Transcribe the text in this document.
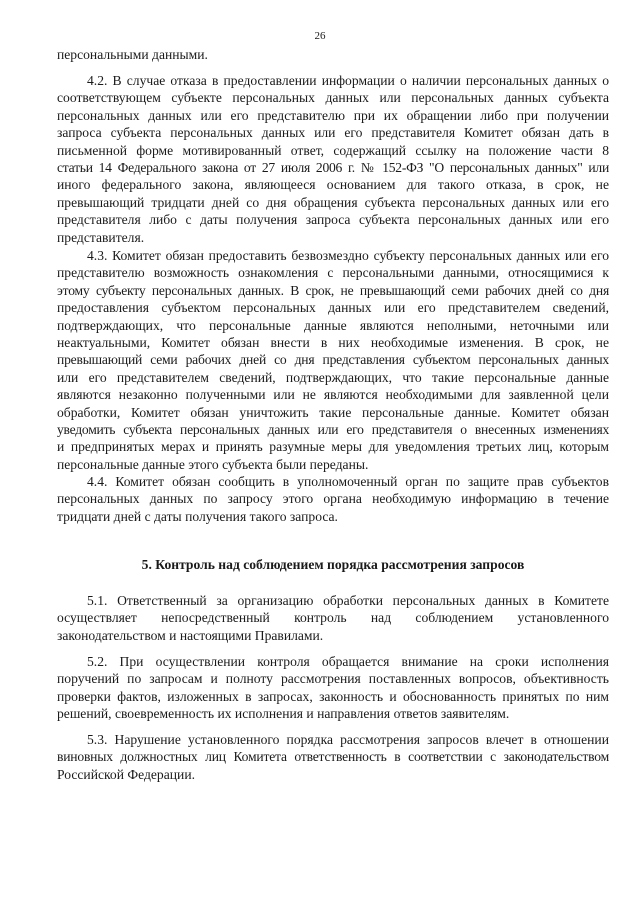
26
персональными данными.
4.2. В случае отказа в предоставлении информации о наличии персональных данных о
соответствующем субъекте персональных данных или персональных данных субъекта
персональных данных или его представителю при их обращении либо при получении
запроса субъекта персональных данных или его представителя Комитет обязан дать в
письменной форме мотивированный ответ, содержащий ссылку на положение части 8
статьи 14 Федерального закона от 27 июля 2006 г. № 152-ФЗ "О персональных данных" или
иного федерального закона, являющееся основанием для такого отказа, в срок, не
превышающий тридцати дней со дня обращения субъекта персональных данных или его
представителя либо с даты получения запроса субъекта персональных данных или его
представителя.
4.3. Комитет обязан предоставить безвозмездно субъекту персональных данных или его
представителю возможность ознакомления с персональными данными, относящимися к
этому субъекту персональных данных. В срок, не превышающий семи рабочих дней со дня
предоставления субъектом персональных данных или его представителем сведений,
подтверждающих, что персональные данные являются неполными, неточными или
неактуальными, Комитет обязан внести в них необходимые изменения. В срок, не
превышающий семи рабочих дней со дня представления субъектом персональных данных
или его представителем сведений, подтверждающих, что такие персональные данные
являются незаконно полученными или не являются необходимыми для заявленной цели
обработки, Комитет обязан уничтожить такие персональные данные. Комитет обязан
уведомить субъекта персональных данных или его представителя о внесенных изменениях
и предпринятых мерах и принять разумные меры для уведомления третьих лиц, которым
персональные данные этого субъекта были переданы.
4.4. Комитет обязан сообщить в уполномоченный орган по защите прав субъектов
персональных данных по запросу этого органа необходимую информацию в течение
тридцати дней с даты получения такого запроса.
5. Контроль над соблюдением порядка рассмотрения запросов
5.1. Ответственный за организацию обработки персональных данных в Комитете
осуществляет непосредственный контроль над соблюдением установленного
законодательством и настоящими Правилами.
5.2. При осуществлении контроля обращается внимание на сроки исполнения
поручений по запросам и полноту рассмотрения поставленных вопросов, объективность
проверки фактов, изложенных в запросах, законность и обоснованность принятых по ним
решений, своевременность их исполнения и направления ответов заявителям.
5.3. Нарушение установленного порядка рассмотрения запросов влечет в отношении
виновных должностных лиц Комитета ответственность в соответствии с законодательством
Российской Федерации.
